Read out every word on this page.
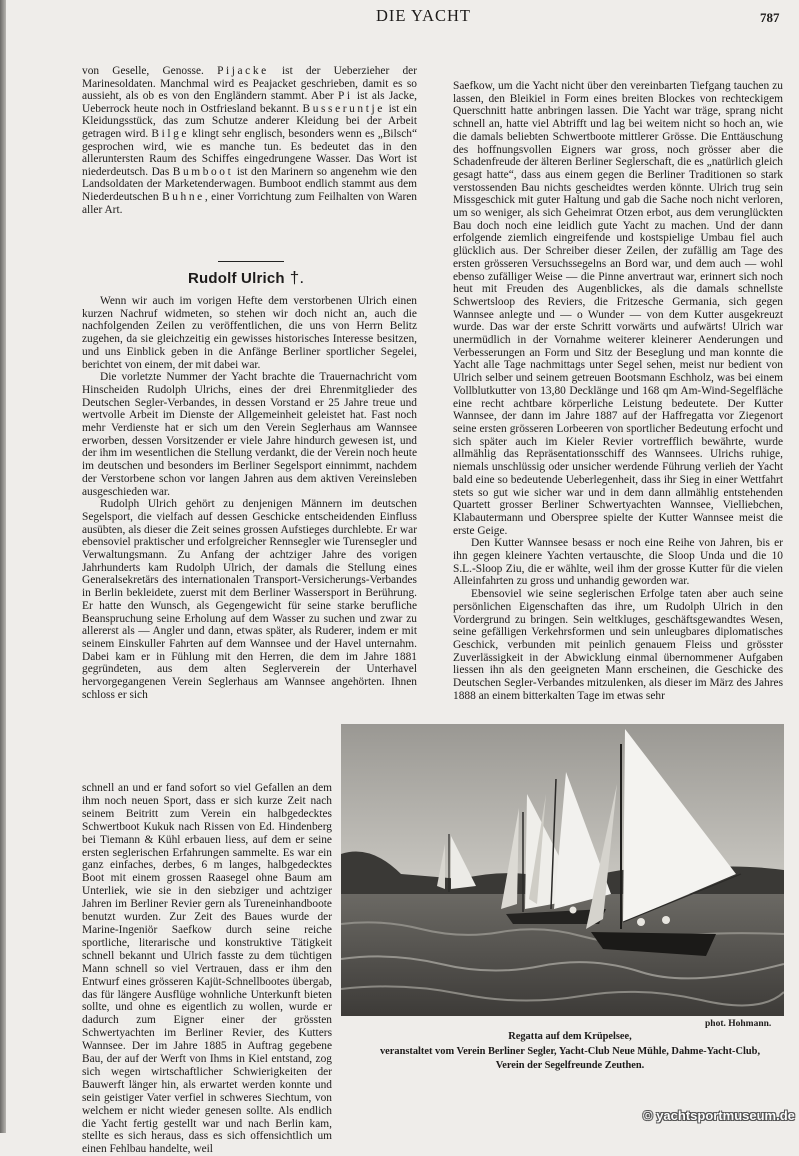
DIE YACHT	787

von Geselle, Genosse. Pijacke ist der Ueberzieher der Marinesoldaten. Manchmal wird es Peajacket geschrieben, damit es so aussieht, als ob es von den Engländern stammt. Aber Pi ist als Jacke, Ueberrock heute noch in Ostfriesland bekannt. Busseruntje ist ein Kleidungsstück, das zum Schutze anderer Kleidung bei der Arbeit getragen wird. Bilge klingt sehr englisch, besonders wenn es „Bilsch“ gesprochen wird, wie es manche tun. Es bedeutet das in den alleruntersten Raum des Schiffes eingedrungene Wasser. Das Wort ist niederdeutsch. Das Bumboot ist den Marinern so angenehm wie den Landsoldaten der Marketenderwagen. Bumboot endlich stammt aus dem Niederdeutschen Buhne, einer Vorrichtung zum Feilhalten von Waren aller Art.

Rudolf Ulrich †.

Wenn wir auch im vorigen Hefte dem verstorbenen Ulrich einen kurzen Nachruf widmeten, so stehen wir doch nicht an, auch die nachfolgenden Zeilen zu veröffentlichen, die uns von Herrn Belitz zugehen, da sie gleichzeitig ein gewisses historisches Interesse besitzen, und uns Einblick geben in die Anfänge Berliner sportlicher Segelei, berichtet von einem, der mit dabei war.

Die vorletzte Nummer der Yacht brachte die Trauernachricht vom Hinscheiden Rudolph Ulrichs, eines der drei Ehrenmitglieder des Deutschen Segler-Verbandes, in dessen Vorstand er 25 Jahre treue und wertvolle Arbeit im Dienste der Allgemeinheit geleistet hat. Fast noch mehr Verdienste hat er sich um den Verein Seglerhaus am Wannsee erworben, dessen Vorsitzender er viele Jahre hindurch gewesen ist, und der ihm im wesentlichen die Stellung verdankt, die der Verein noch heute im deutschen und besonders im Berliner Segelsport einnimmt, nachdem der Verstorbene schon vor langen Jahren aus dem aktiven Vereinsleben ausgeschieden war.

Rudolph Ulrich gehört zu denjenigen Männern im deutschen Segelsport, die vielfach auf dessen Geschicke entscheidenden Einfluss ausübten, als dieser die Zeit seines grossen Aufstieges durchlebte. Er war ebensoviel praktischer und erfolgreicher Rennsegler wie Turensegler und Verwaltungsmann. Zu Anfang der achtziger Jahre des vorigen Jahrhunderts kam Rudolph Ulrich, der damals die Stellung eines Generalsekretärs des internationalen Transport-Versicherungs-Verbandes in Berlin bekleidete, zuerst mit dem Berliner Wassersport in Berührung. Er hatte den Wunsch, als Gegengewicht für seine starke berufliche Beanspruchung seine Erholung auf dem Wasser zu suchen und zwar zu allererst als — Angler und dann, etwas später, als Ruderer, indem er mit seinem Einskuller Fahrten auf dem Wannsee und der Havel unternahm. Dabei kam er in Fühlung mit den Herren, die dem im Jahre 1881 gegründeten, aus dem alten Seglerverein der Unterhavel hervorgegangenen Verein Seglerhaus am Wannsee angehörten. Ihnen schloss er sich

schnell an und er fand sofort so viel Gefallen an dem ihm noch neuen Sport, dass er sich kurze Zeit nach seinem Beitritt zum Verein ein halbgedecktes Schwertboot Kukuk nach Rissen von Ed. Hindenberg bei Tiemann & Kühl erbauen liess, auf dem er seine ersten seglerischen Erfahrungen sammelte. Es war ein ganz einfaches, derbes, 6 m langes, halbgedecktes Boot mit einem grossen Raasegel ohne Baum am Unterliek, wie sie in den siebziger und achtziger Jahren im Berliner Revier gern als Tureneinhandboote benutzt wurden. Zur Zeit des Baues wurde der Marine-Ingeniör Saefkow durch seine reiche sportliche, literarische und konstruktive Tätigkeit schnell bekannt und Ulrich fasste zu dem tüchtigen Mann schnell so viel Vertrauen, dass er ihm den Entwurf eines grösseren Kajüt-Schnellbootes übergab, das für längere Ausflüge wohnliche Unterkunft bieten sollte, und ohne es eigentlich zu wollen, wurde er dadurch zum Eigner einer der grössten Schwertyachten im Berliner Revier, des Kutters Wannsee. Der im Jahre 1885 in Auftrag gegebene Bau, der auf der Werft von Ihms in Kiel entstand, zog sich wegen wirtschaftlicher Schwierigkeiten der Bauwerft länger hin, als erwartet werden konnte und sein geistiger Vater verfiel in schweres Siechtum, von welchem er nicht wieder genesen sollte. Als endlich die Yacht fertig gestellt war und nach Berlin kam, stellte es sich heraus, dass es sich offensichtlich um einen Fehlbau handelte, weil

Saefkow, um die Yacht nicht über den vereinbarten Tiefgang tauchen zu lassen, den Bleikiel in Form eines breiten Blockes von rechteckigem Querschnitt hatte anbringen lassen. Die Yacht war träge, sprang nicht schnell an, hatte viel Abtrifft und lag bei weitem nicht so hoch an, wie die damals beliebten Schwertboote mittlerer Grösse. Die Enttäuschung des hoffnungsvollen Eigners war gross, noch grösser aber die Schadenfreude der älteren Berliner Seglerschaft, die es „natürlich gleich gesagt hatte“, dass aus einem gegen die Berliner Traditionen so stark verstossenden Bau nichts gescheidtes werden könnte. Ulrich trug sein Missgeschick mit guter Haltung und gab die Sache noch nicht verloren, um so weniger, als sich Geheimrat Otzen erbot, aus dem verunglückten Bau doch noch eine leidlich gute Yacht zu machen. Und der dann erfolgende ziemlich eingreifende und kostspielige Umbau fiel auch glücklich aus. Der Schreiber dieser Zeilen, der zufällig am Tage des ersten grösseren Versuchssegelns an Bord war, und dem auch — wohl ebenso zufälliger Weise — die Pinne anvertraut war, erinnert sich noch heut mit Freuden des Augenblickes, als die damals schnellste Schwertsloop des Reviers, die Fritzesche Germania, sich gegen Wannsee anlegte und — o Wunder — von dem Kutter ausgekreuzt wurde. Das war der erste Schritt vorwärts und aufwärts! Ulrich war unermüdlich in der Vornahme weiterer kleinerer Aenderungen und Verbesserungen an Form und Sitz der Beseglung und man konnte die Yacht alle Tage nachmittags unter Segel sehen, meist nur bedient von Ulrich selber und seinem getreuen Bootsmann Eschholz, was bei einem Vollblutkutter von 13,80 Decklänge und 168 qm Am-Wind-Segelfläche eine recht achtbare körperliche Leistung bedeutete. Der Kutter Wannsee, der dann im Jahre 1887 auf der Haffregatta vor Ziegenort seine ersten grösseren Lorbeeren von sportlicher Bedeutung erfocht und sich später auch im Kieler Revier vortrefflich bewährte, wurde allmählig das Repräsentationsschiff des Wannsees. Ulrichs ruhige, niemals unschlüssig oder unsicher werdende Führung verlieh der Yacht bald eine so bedeutende Ueberlegenheit, dass ihr Sieg in einer Wettfahrt stets so gut wie sicher war und in dem dann allmählig entstehenden Quartett grosser Berliner Schwertyachten Wannsee, Vielliebchen, Klabautermann und Oberspree spielte der Kutter Wannsee meist die erste Geige.

Den Kutter Wannsee besass er noch eine Reihe von Jahren, bis er ihn gegen kleinere Yachten vertauschte, die Sloop Unda und die 10 S.L.-Sloop Ziu, die er wählte, weil ihm der grosse Kutter für die vielen Alleinfahrten zu gross und unhandig geworden war.

Ebensoviel wie seine seglerischen Erfolge taten aber auch seine persönlichen Eigenschaften das ihre, um Rudolph Ulrich in den Vordergrund zu bringen. Sein weltkluges, geschäftsgewandtes Wesen, seine gefälligen Verkehrsformen und sein unleugbares diplomatisches Geschick, verbunden mit peinlich genauem Fleiss und grösster Zuverlässigkeit in der Abwicklung einmal übernommener Aufgaben liessen ihn als den geeigneten Mann erscheinen, die Geschicke des Deutschen Segler-Verbandes mitzulenken, als dieser im März des Jahres 1888 an einem bitterkalten Tage im etwas sehr

phot. Hohmann.
Regatta auf dem Krüpelsee,
veranstaltet vom Verein Berliner Segler, Yacht-Club Neue Mühle, Dahme-Yacht-Club,
Verein der Segelfreunde Zeuthen.
© yachtsportmuseum.de
